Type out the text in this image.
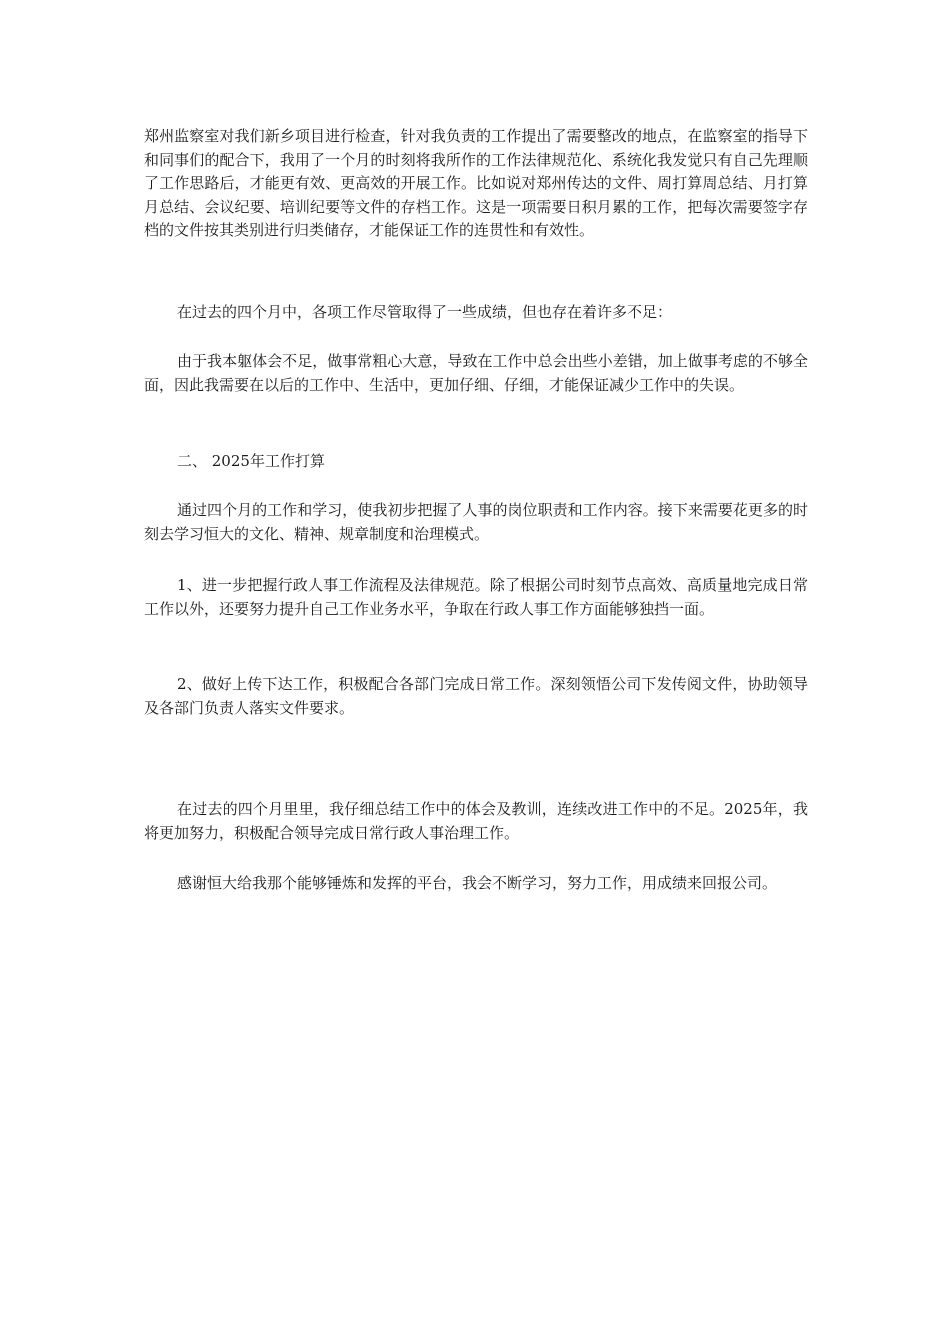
郑州监察室对我们新乡项目进行检查，针对我负责的工作提出了需要整改的地点，在监察室的指导下和同事们的配合下，我用了一个月的时刻将我所作的工作法律规范化、系统化我发觉只有自己先理顺了工作思路后，才能更有效、更高效的开展工作。比如说对郑州传达的文件、周打算周总结、月打算月总结、会议纪要、培训纪要等文件的存档工作。这是一项需要日积月累的工作，把每次需要签字存档的文件按其类别进行归类储存，才能保证工作的连贯性和有效性。

在过去的四个月中，各项工作尽管取得了一些成绩，但也存在着许多不足：

由于我本躯体会不足，做事常粗心大意，导致在工作中总会出些小差错，加上做事考虑的不够全面，因此我需要在以后的工作中、生活中，更加仔细、仔细，才能保证减少工作中的失误。

二、 2025年工作打算

通过四个月的工作和学习，使我初步把握了人事的岗位职责和工作内容。接下来需要花更多的时刻去学习恒大的文化、精神、规章制度和治理模式。

1、进一步把握行政人事工作流程及法律规范。除了根据公司时刻节点高效、高质量地完成日常工作以外，还要努力提升自己工作业务水平，争取在行政人事工作方面能够独挡一面。

2、做好上传下达工作，积极配合各部门完成日常工作。深刻领悟公司下发传阅文件，协助领导及各部门负责人落实文件要求。

在过去的四个月里里，我仔细总结工作中的体会及教训，连续改进工作中的不足。2025年，我将更加努力，积极配合领导完成日常行政人事治理工作。

感谢恒大给我那个能够锤炼和发挥的平台，我会不断学习，努力工作，用成绩来回报公司。
